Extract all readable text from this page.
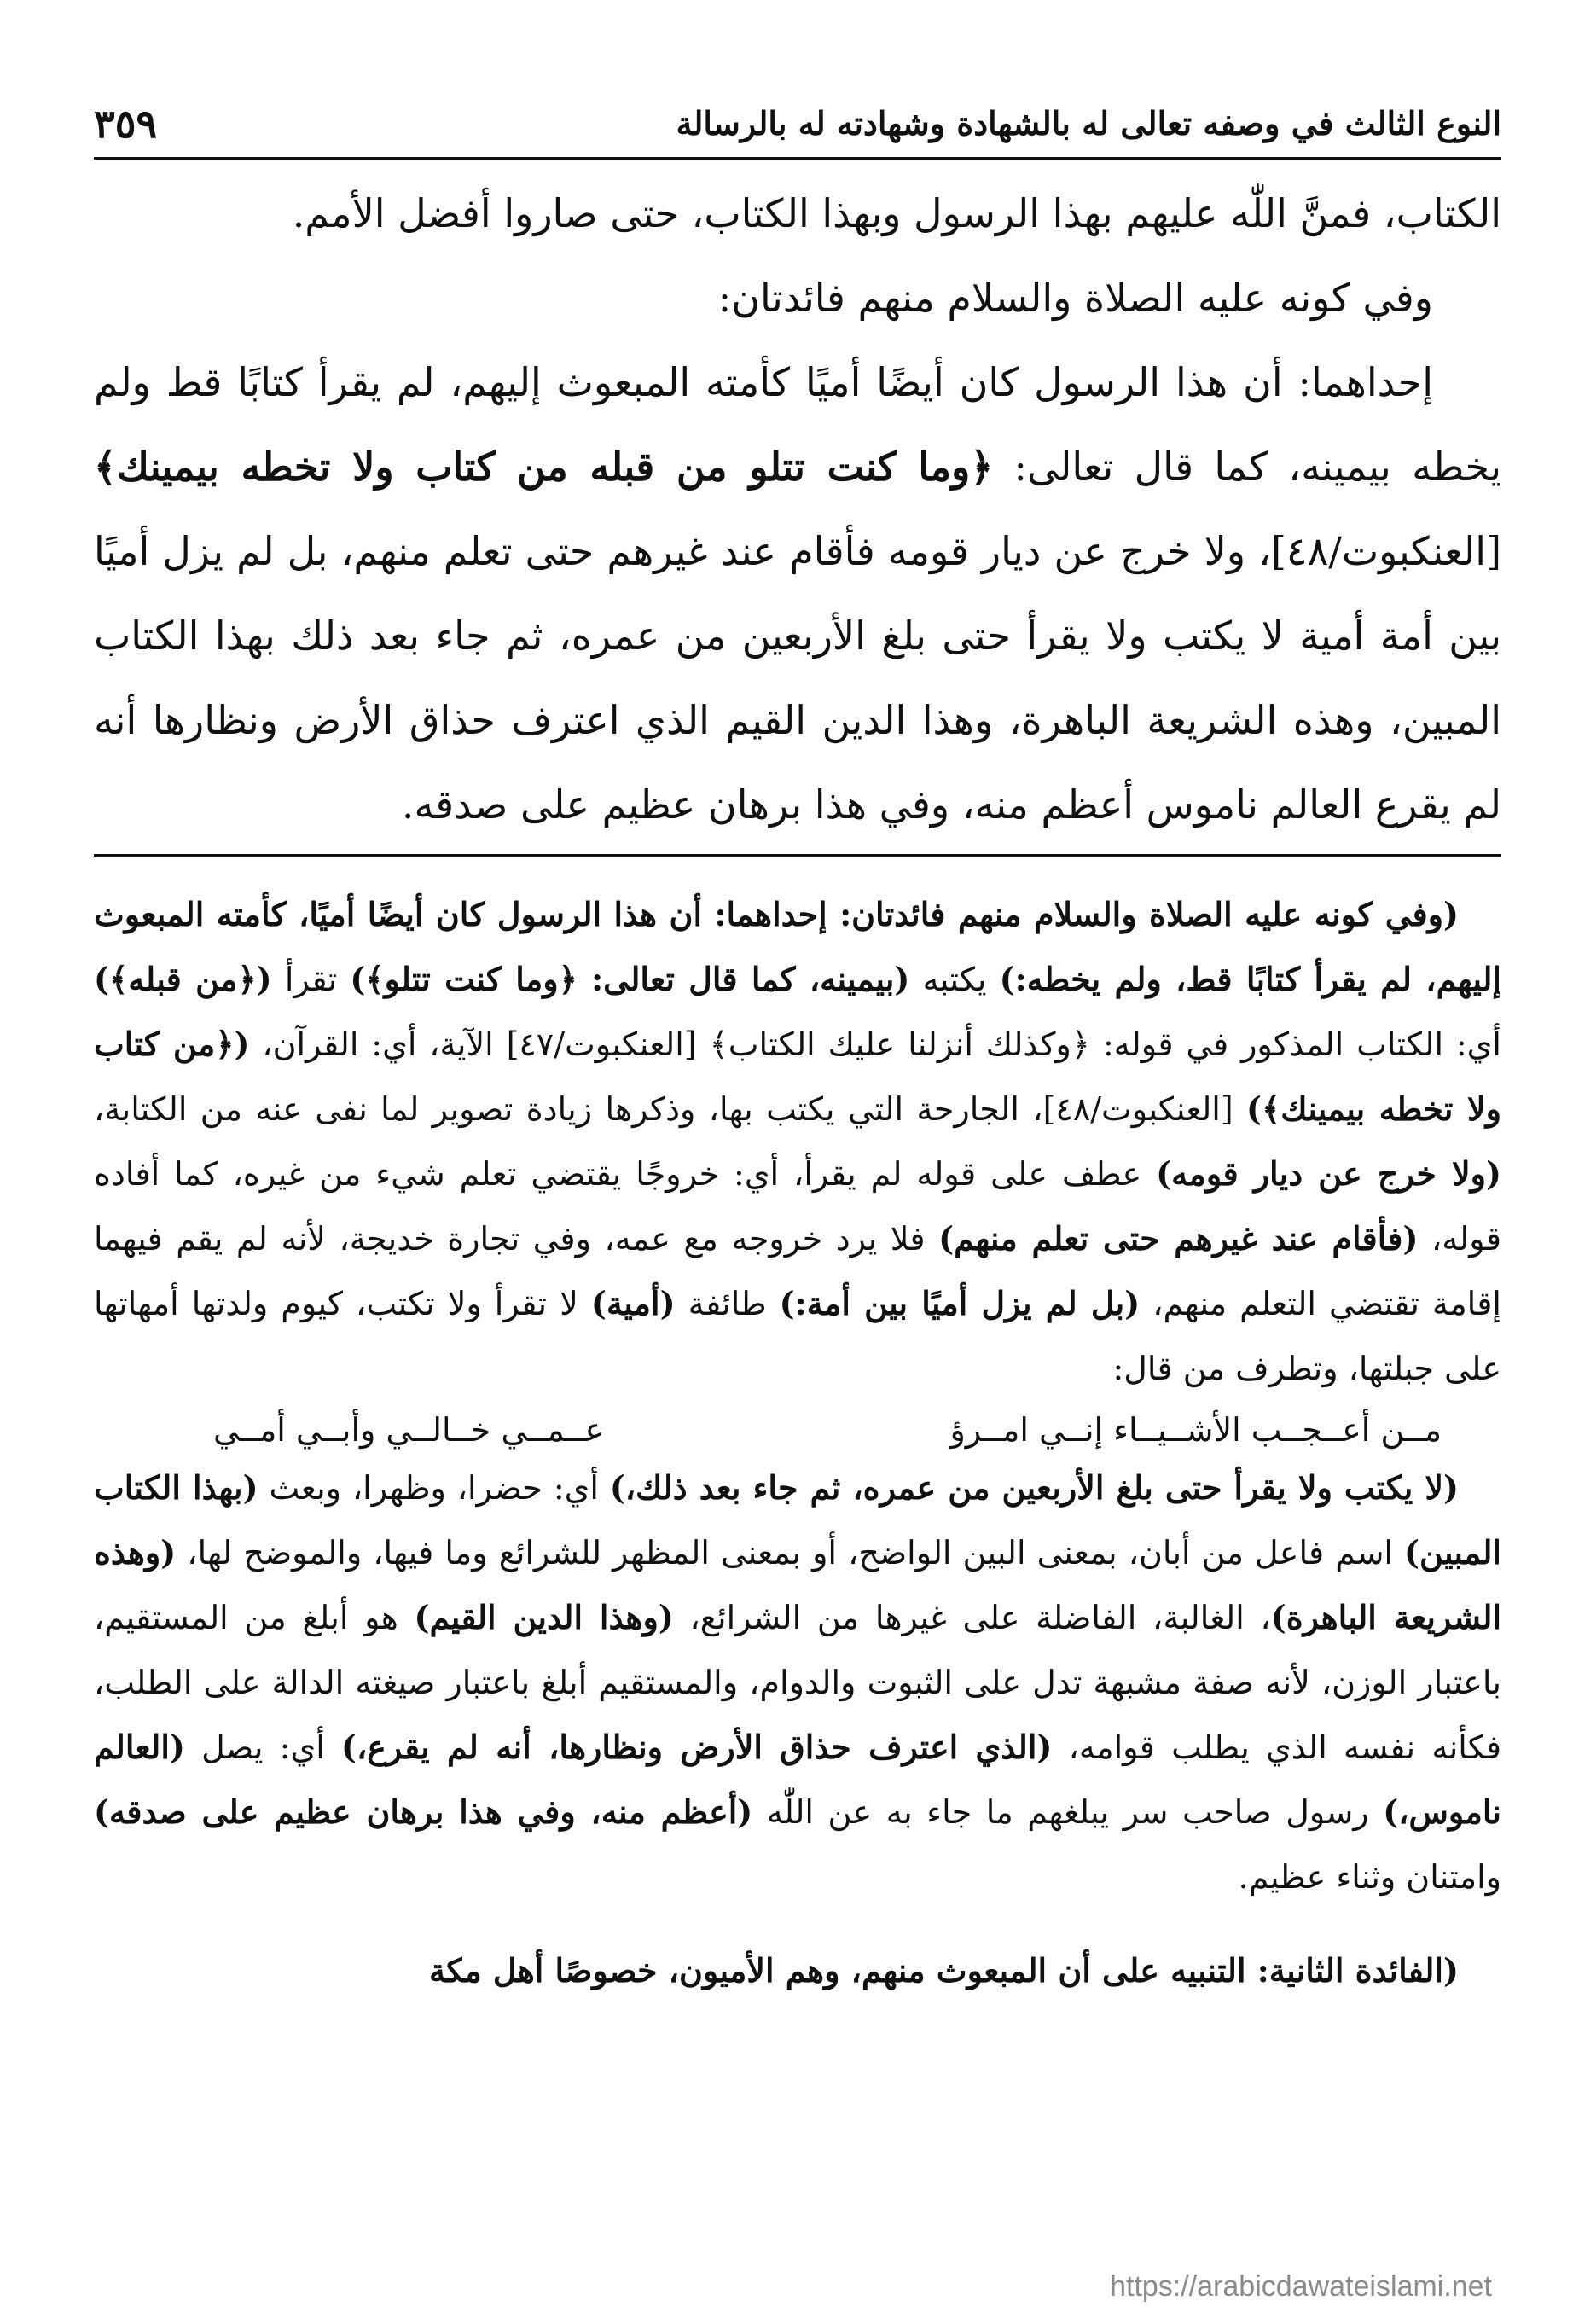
النوع الثالث في وصفه تعالى له بالشهادة وشهادته له بالرسالة
٣٥٩

الكتاب، فمنَّ اللّٰه عليهم بهذا الرسول وبهذا الكتاب، حتى صاروا أفضل الأمم.

وفي كونه عليه الصلاة والسلام منهم فائدتان:

إحداهما: أن هذا الرسول كان أيضًا أميًا كأمته المبعوث إليهم، لم يقرأ كتابًا قط ولم يخطه بيمينه، كما قال تعالى: ﴿وما كنت تتلو من قبله من كتاب ولا تخطه بيمينك﴾ [العنكبوت/٤٨]، ولا خرج عن ديار قومه فأقام عند غيرهم حتى تعلم منهم، بل لم يزل أميًا بين أمة أمية لا يكتب ولا يقرأ حتى بلغ الأربعين من عمره، ثم جاء بعد ذلك بهذا الكتاب المبين، وهذه الشريعة الباهرة، وهذا الدين القيم الذي اعترف حذاق الأرض ونظارها أنه لم يقرع العالم ناموس أعظم منه، وفي هذا برهان عظيم على صدقه.

(وفي كونه عليه الصلاة والسلام منهم فائدتان: إحداهما: أن هذا الرسول كان أيضًا أميًا، كأمته المبعوث إليهم، لم يقرأ كتابًا قط، ولم يخطه:) يكتبه (بيمينه، كما قال تعالى: ﴿وما كنت تتلو﴾) تقرأ (﴿من قبله﴾) أي: الكتاب المذكور في قوله: ﴿وكذلك أنزلنا عليك الكتاب﴾ [العنكبوت/٤٧] الآية، أي: القرآن، (﴿من كتاب ولا تخطه بيمينك﴾) [العنكبوت/٤٨]، الجارحة التي يكتب بها، وذكرها زيادة تصوير لما نفى عنه من الكتابة، (ولا خرج عن ديار قومه) عطف على قوله لم يقرأ، أي: خروجًا يقتضي تعلم شيء من غيره، كما أفاده قوله، (فأقام عند غيرهم حتى تعلم منهم) فلا يرد خروجه مع عمه، وفي تجارة خديجة، لأنه لم يقم فيهما إقامة تقتضي التعلم منهم، (بل لم يزل أميًا بين أمة:) طائفة (أمية) لا تقرأ ولا تكتب، كيوم ولدتها أمهاتها على جبلتها، وتطرف من قال:

مــن أعــجــب الأشــيــاء إنــي امــرؤ
عــمــي خــالــي وأبــي أمــي

(لا يكتب ولا يقرأ حتى بلغ الأربعين من عمره، ثم جاء بعد ذلك،) أي: حضرا، وظهرا، وبعث (بهذا الكتاب المبين) اسم فاعل من أبان، بمعنى البين الواضح، أو بمعنى المظهر للشرائع وما فيها، والموضح لها، (وهذه الشريعة الباهرة)، الغالبة، الفاضلة على غيرها من الشرائع، (وهذا الدين القيم) هو أبلغ من المستقيم، باعتبار الوزن، لأنه صفة مشبهة تدل على الثبوت والدوام، والمستقيم أبلغ باعتبار صيغته الدالة على الطلب، فكأنه نفسه الذي يطلب قوامه، (الذي اعترف حذاق الأرض ونظارها، أنه لم يقرع،) أي: يصل (العالم ناموس،) رسول صاحب سر يبلغهم ما جاء به عن اللّٰه (أعظم منه، وفي هذا برهان عظيم على صدقه) وامتنان وثناء عظيم.

(الفائدة الثانية: التنبيه على أن المبعوث منهم، وهم الأميون، خصوصًا أهل مكة

https://arabicdawateislami.net
